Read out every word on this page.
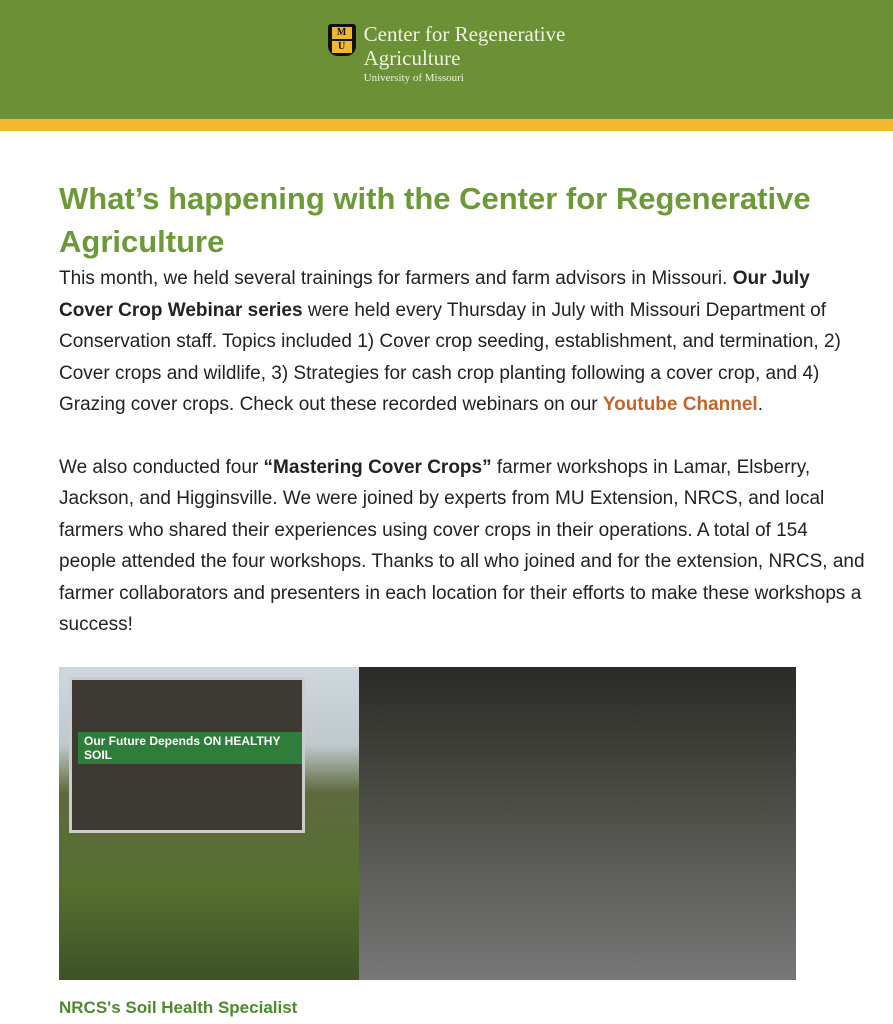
M
U
Center for Regenerative
Agriculture
University of Missouri
What’s happening with the Center for Regenerative Agriculture

This month, we held several trainings for farmers and farm advisors in Missouri. Our July Cover Crop Webinar series were held every Thursday in July with Missouri Department of Conservation staff. Topics included 1) Cover crop seeding, establishment, and termination, 2) Cover crops and wildlife, 3) Strategies for cash crop planting following a cover crop, and 4) Grazing cover crops. Check out these recorded webinars on our Youtube Channel.

We also conducted four “Mastering Cover Crops” farmer workshops in Lamar, Elsberry, Jackson, and Higginsville. We were joined by experts from MU Extension, NRCS, and local farmers who shared their experiences using cover crops in their operations. A total of 154 people attended the four workshops. Thanks to all who joined and for the extension, NRCS, and farmer collaborators and presenters in each location for their efforts to make these workshops a success!

Our Future Depends ON HEALTHY SOIL
NRCS's Soil Health Specialist
